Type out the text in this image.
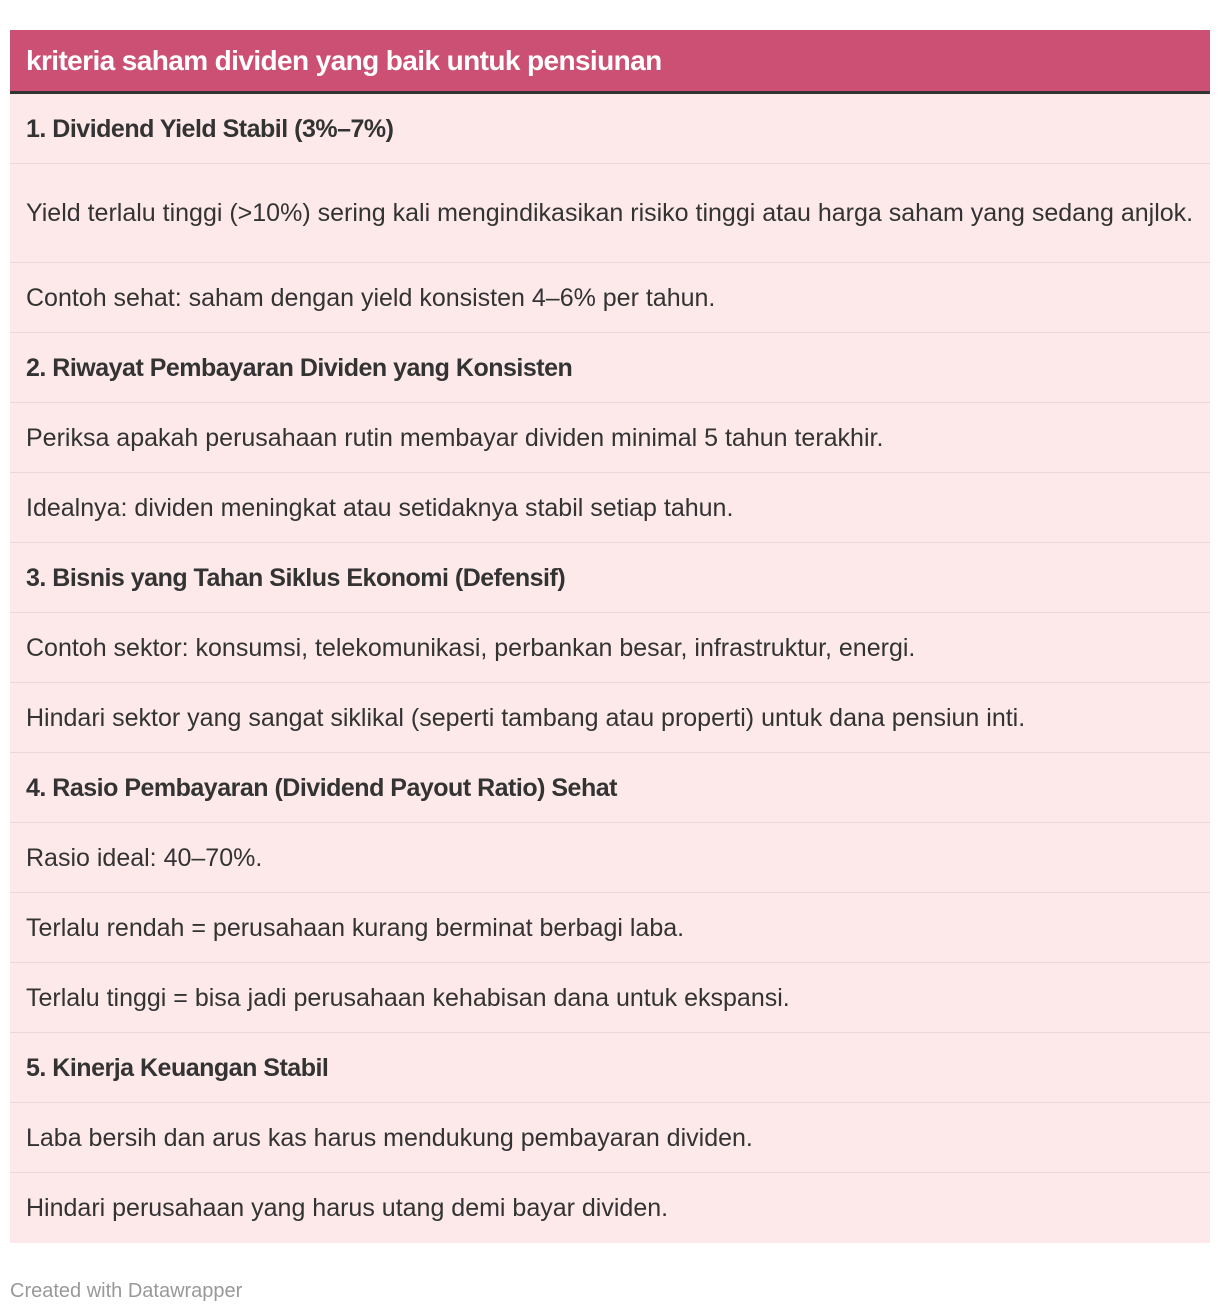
kriteria saham dividen yang baik untuk pensiunan
1. Dividend Yield Stabil (3%–7%)
Yield terlalu tinggi (>10%) sering kali mengindikasikan risiko tinggi atau harga saham yang sedang anjlok.
Contoh sehat: saham dengan yield konsisten 4–6% per tahun.
2. Riwayat Pembayaran Dividen yang Konsisten
Periksa apakah perusahaan rutin membayar dividen minimal 5 tahun terakhir.
Idealnya: dividen meningkat atau setidaknya stabil setiap tahun.
3. Bisnis yang Tahan Siklus Ekonomi (Defensif)
Contoh sektor: konsumsi, telekomunikasi, perbankan besar, infrastruktur, energi.
Hindari sektor yang sangat siklikal (seperti tambang atau properti) untuk dana pensiun inti.
4. Rasio Pembayaran (Dividend Payout Ratio) Sehat
Rasio ideal: 40–70%.
Terlalu rendah = perusahaan kurang berminat berbagi laba.
Terlalu tinggi = bisa jadi perusahaan kehabisan dana untuk ekspansi.
5. Kinerja Keuangan Stabil
Laba bersih dan arus kas harus mendukung pembayaran dividen.
Hindari perusahaan yang harus utang demi bayar dividen.
Created with Datawrapper
